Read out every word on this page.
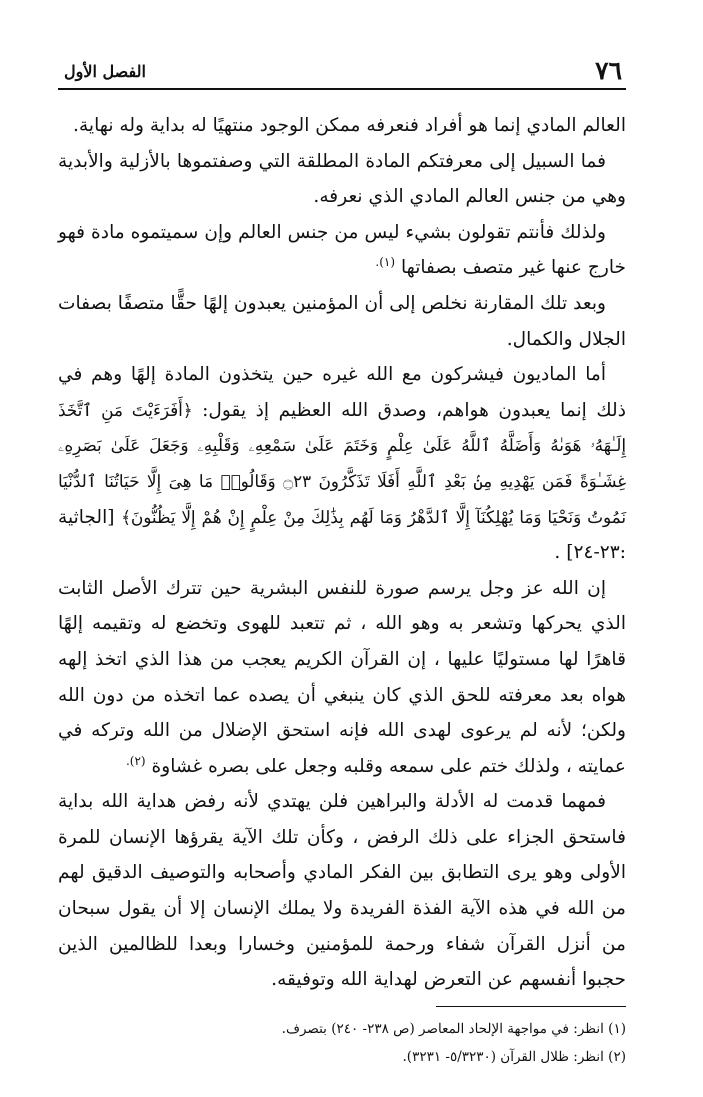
٧٦
الفصل الأول

العالم المادي إنما هو أفراد فنعرفه ممكن الوجود منتهيًا له بداية وله نهاية.

فما السبيل إلى معرفتكم المادة المطلقة التي وصفتموها بالأزلية والأبدية وهي من جنس العالم المادي الذي نعرفه.

ولذلك فأنتم تقولون بشيء ليس من جنس العالم وإن سميتموه مادة فهو خارج عنها غير متصف بصفاتها $^{(١).}$

وبعد تلك المقارنة نخلص إلى أن المؤمنين يعبدون إلهًا حقًّا متصفًا بصفات الجلال والكمال.

أما الماديون فيشركون مع الله غيره حين يتخذون المادة إلهًا وهم في ذلك إنما يعبدون هواهم، وصدق الله العظيم إذ يقول: ﴿أَفَرَءَيْتَ مَنِ ٱتَّخَذَ إِلَـٰهَهُۥ هَوَىٰهُ وَأَضَلَّهُ ٱللَّهُ عَلَىٰ عِلْمٍ وَخَتَمَ عَلَىٰ سَمْعِهِۦ وَقَلْبِهِۦ وَجَعَلَ عَلَىٰ بَصَرِهِۦ غِشَـٰوَةً فَمَن يَهْدِيهِ مِنۢ بَعْدِ ٱللَّهِ أَفَلَا تَذَكَّرُونَ ۝٢٣ وَقَالُوا۟ مَا هِىَ إِلَّا حَيَاتُنَا ٱلدُّنْيَا نَمُوتُ وَنَحْيَا وَمَا يُهْلِكُنَآ إِلَّا ٱلدَّهْرُ وَمَا لَهُم بِذَٰلِكَ مِنْ عِلْمٍ إِنْ هُمْ إِلَّا يَظُنُّونَ﴾ [الجاثية :٢٣-٢٤] .

إن الله عز وجل يرسم صورة للنفس البشرية حين تترك الأصل الثابت الذي يحركها وتشعر به وهو الله ، ثم تتعبد للهوى وتخضع له وتقيمه إلهًا قاهرًا لها مستوليًا عليها ، إن القرآن الكريم يعجب من هذا الذي اتخذ إلهه هواه بعد معرفته للحق الذي كان ينبغي أن يصده عما اتخذه من دون الله ولكن؛ لأنه لم يرعوى لهدى الله فإنه استحق الإضلال من الله وتركه في عمايته ، ولذلك ختم على سمعه وقلبه وجعل على بصره غشاوة $^{(٢).}$

فمهما قدمت له الأدلة والبراهين فلن يهتدي لأنه رفض هداية الله بداية فاستحق الجزاء على ذلك الرفض ، وكأن تلك الآية يقرؤها الإنسان للمرة الأولى وهو يرى التطابق بين الفكر المادي وأصحابه والتوصيف الدقيق لهم من الله في هذه الآية الفذة الفريدة ولا يملك الإنسان إلا أن يقول سبحان من أنزل القرآن شفاء ورحمة للمؤمنين وخسارا وبعدا للظالمين الذين حجبوا أنفسهم عن التعرض لهداية الله وتوفيقه.

(١) انظر: في مواجهة الإلحاد المعاصر (ص ٢٣٨- ٢٤٠) بتصرف.

(٢) انظر: ظلال القرآن (٥/٣٢٣٠- ٣٢٣١).
